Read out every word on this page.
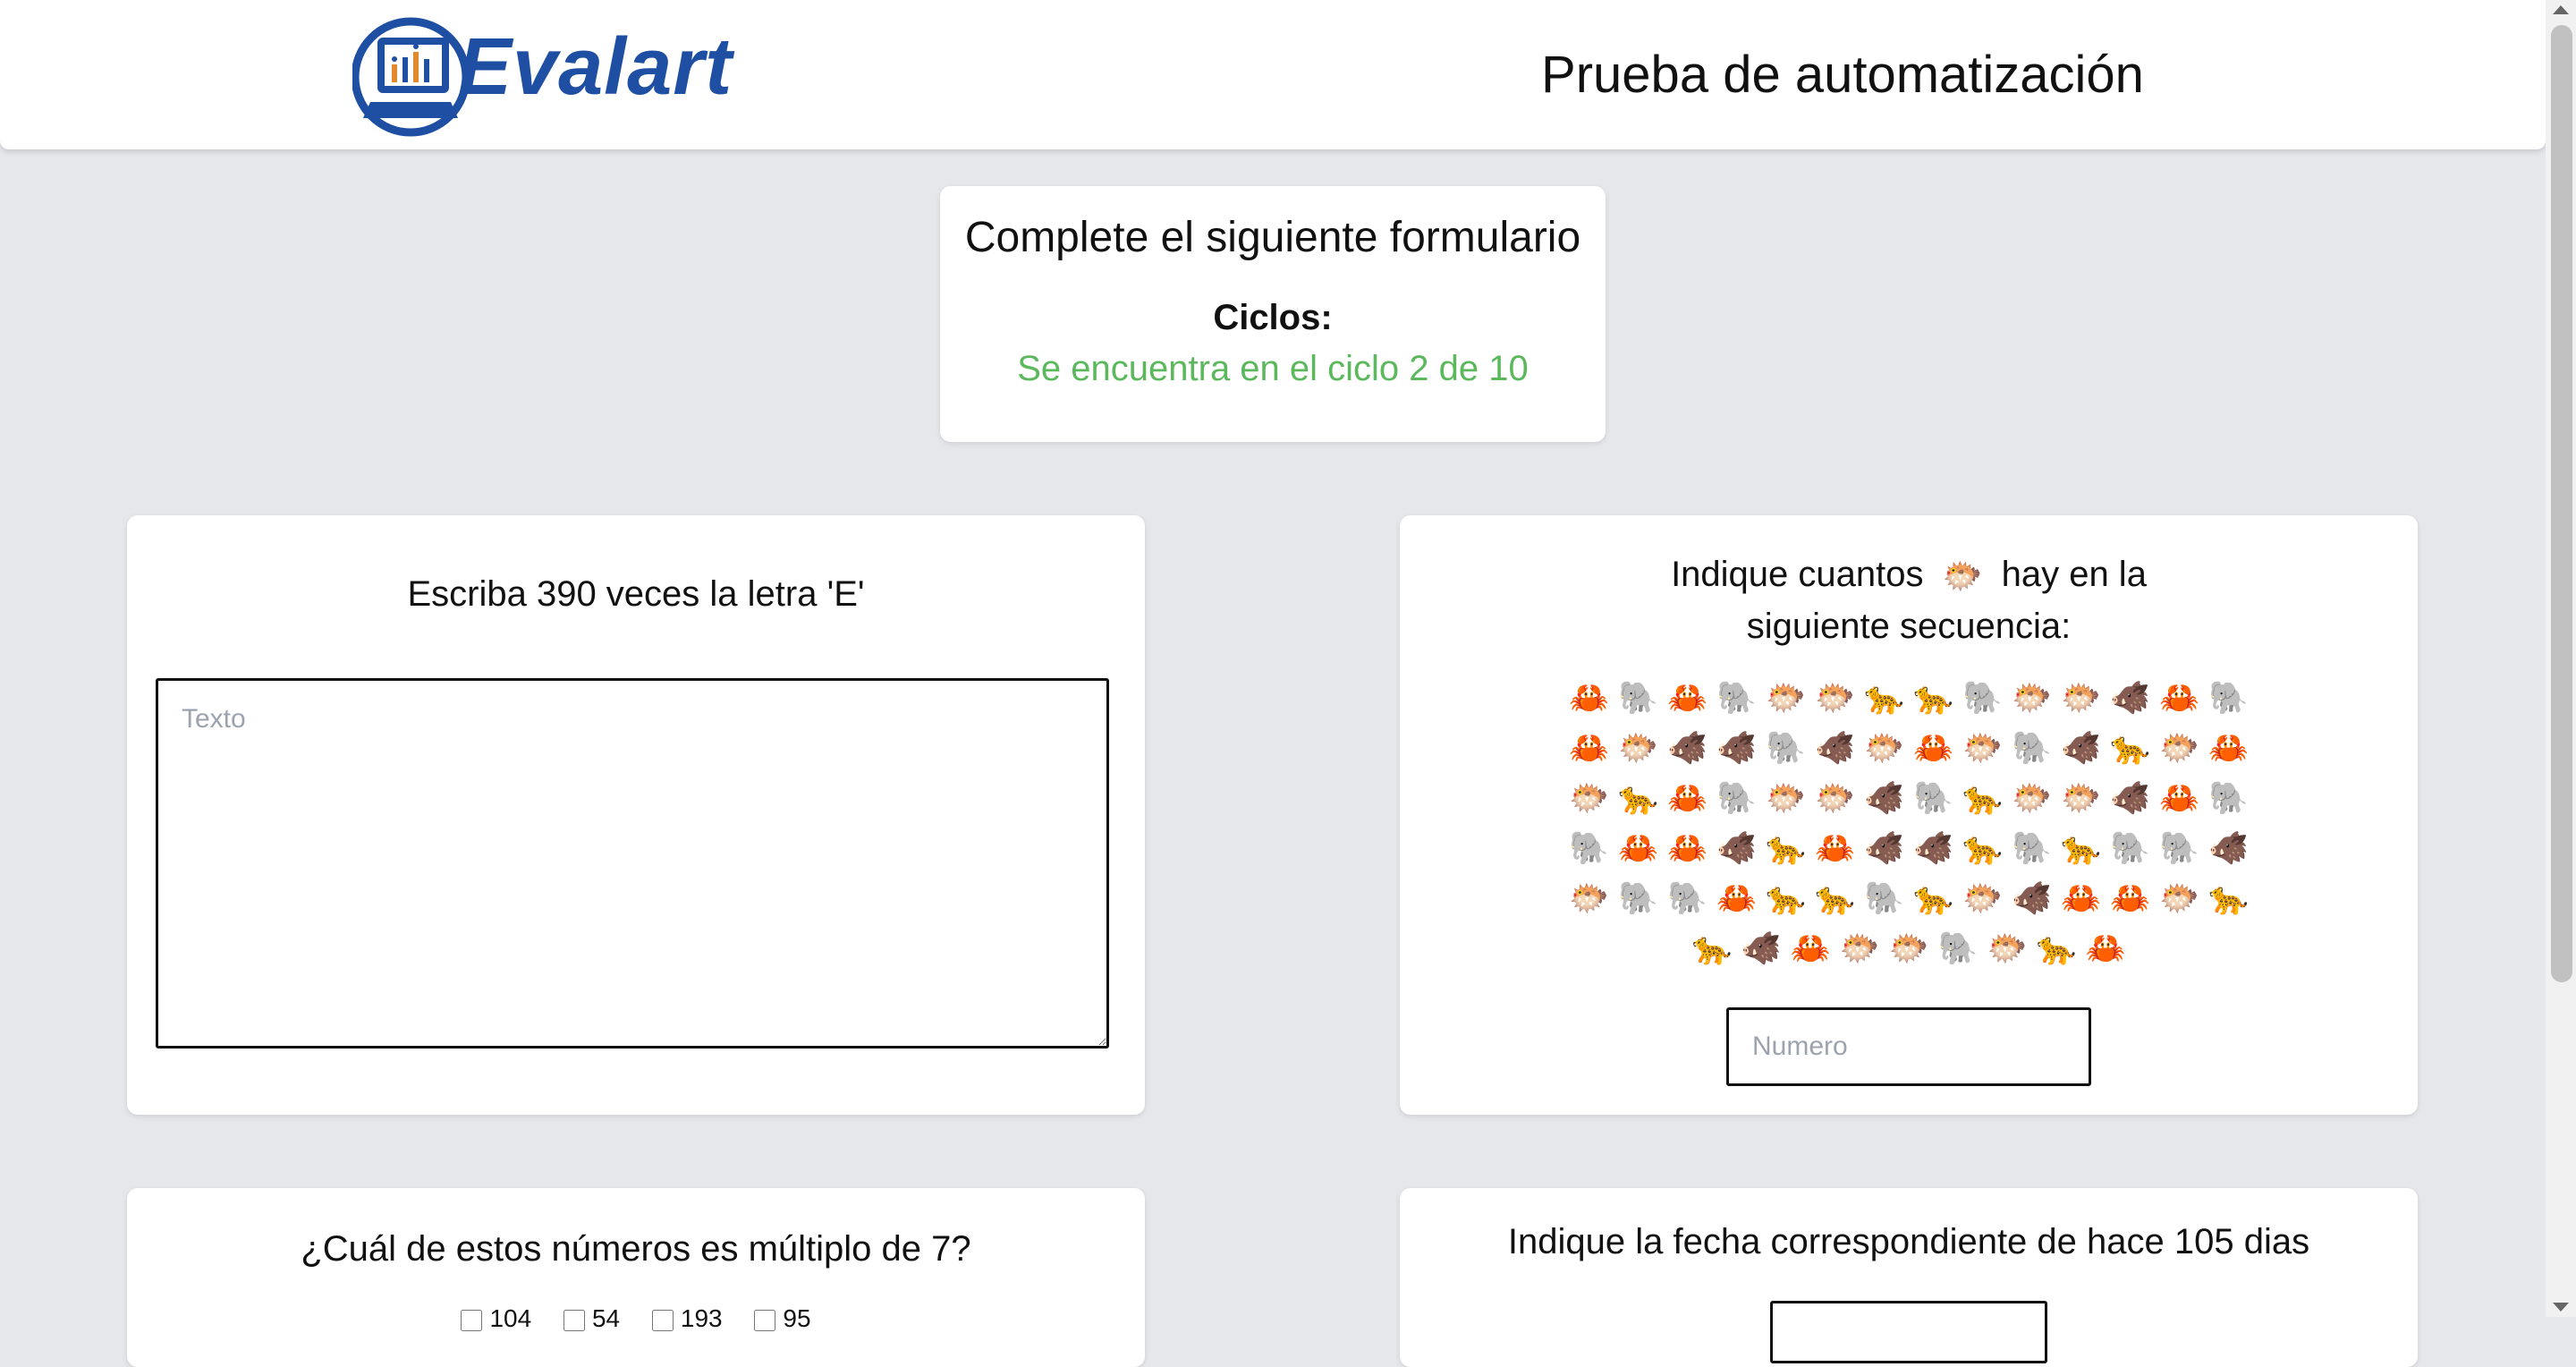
Evalart	Prueba de automatización
Complete el siguiente formulario
Ciclos:
Se encuentra en el ciclo 2 de 10
Escriba 390 veces la letra 'E'
Texto	Indique cuantos 🐡 hay en la siguiente secuencia:
🦀 🐘 🦀 🐘 🐡 🐡 🐆 🐆 🐘 🐡 🐡 🐗 🦀 🐘
🦀 🐡 🐗 🐗 🐘 🐗 🐡 🦀 🐡 🐘 🐗 🐆 🐡 🦀
🐡 🐆 🦀 🐘 🐡 🐡 🐗 🐘 🐆 🐡 🐡 🐗 🦀 🐘
🐘 🦀 🦀 🐗 🐆 🦀 🐗 🐗 🐆 🐘 🐆 🐘 🐘 🐗
🐡 🐘 🐘 🦀 🐆 🐆 🐘 🐆 🐡 🐗 🦀 🦀 🐡 🐆
🐆 🐗 🦀 🐡 🐡 🐘 🐡 🐆 🦀
Numero
¿Cuál de estos números es múltiplo de 7?
104 54 193 95
Indique la fecha correspondiente de hace 105 dias
